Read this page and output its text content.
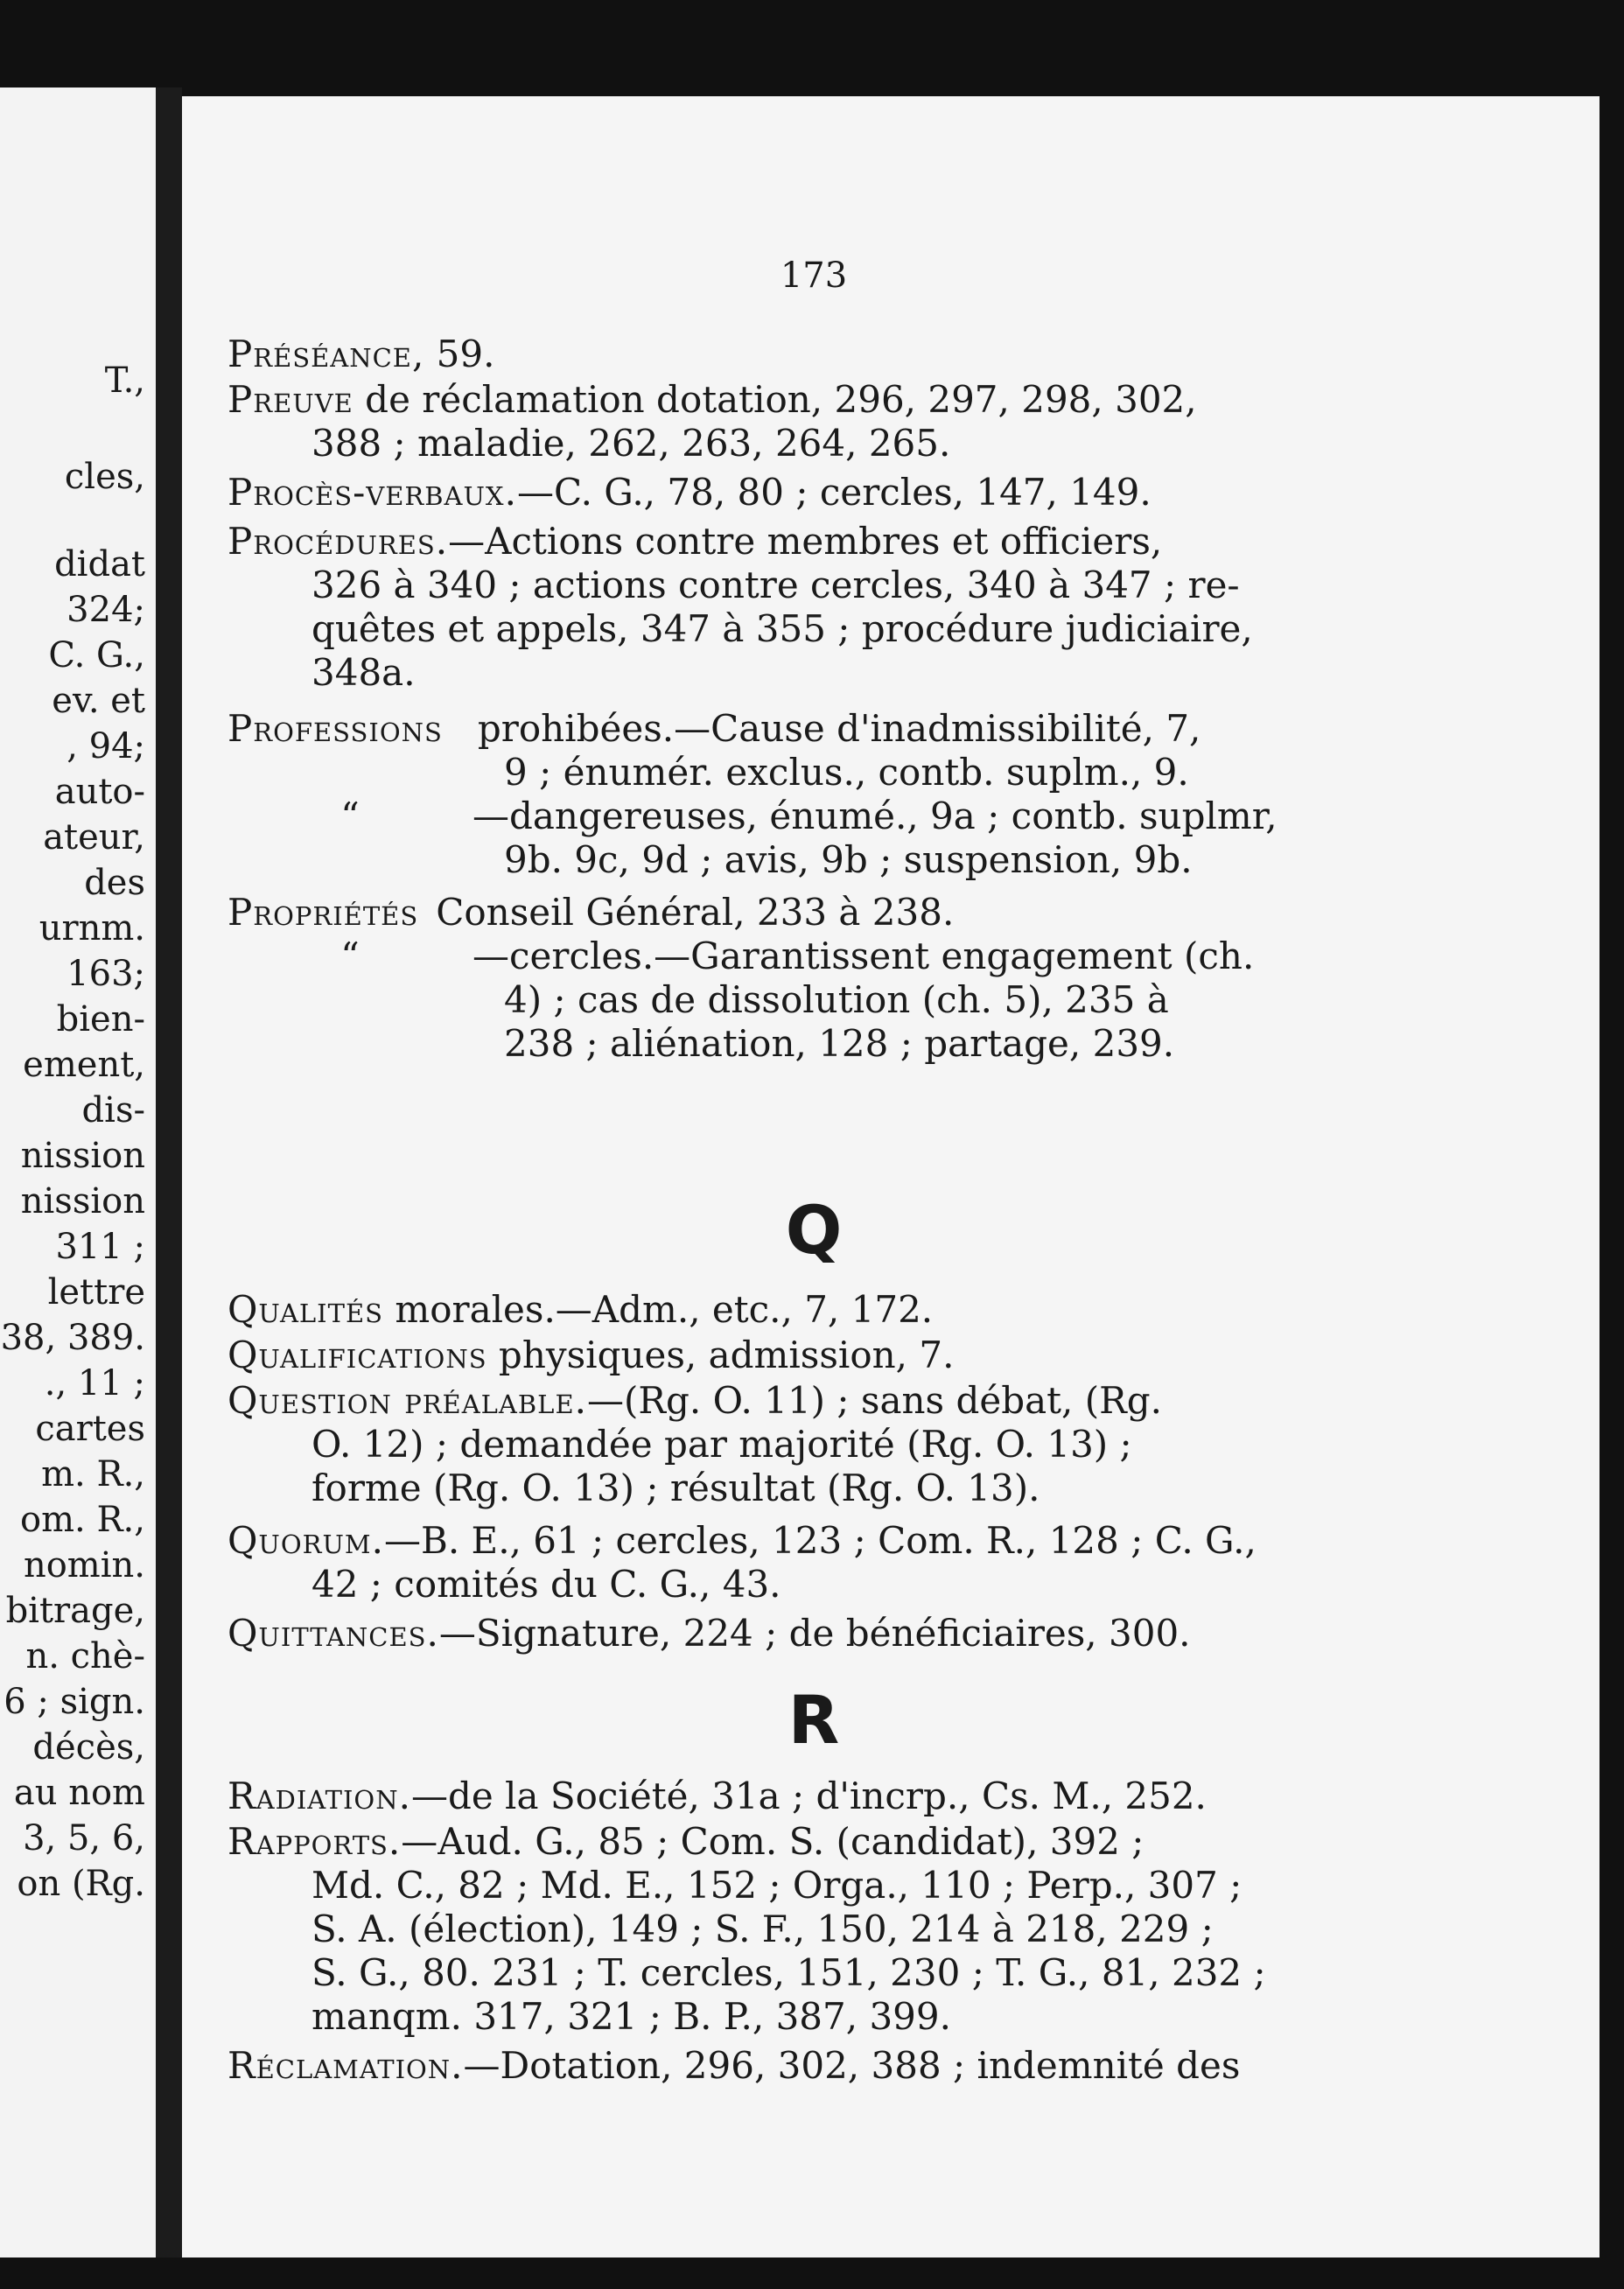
T.,
cles,
didat
324;
C. G.,
ev. et
, 94;
auto-
ateur,
des
urnm.
163;
bien-
ement,
dis-
nission
nission
311 ;
lettre
38, 389.
., 11 ;
cartes
m. R.,
om. R.,
nomin.
bitrage,
n. chè-
6 ; sign.
décès,
au nom
3, 5, 6,
on (Rg.
173
Préséance, 59.
Preuve de réclamation dotation, 296, 297, 298, 302,
388 ; maladie, 262, 263, 264, 265.
Procès-verbaux.—C. G., 78, 80 ; cercles, 147, 149.
Procédures.—Actions contre membres et officiers,
326 à 340 ; actions contre cercles, 340 à 347 ; re-
quêtes et appels, 347 à 355 ; procédure judiciaire,
348a.
Professions prohibées.—Cause d'inadmissibilité, 7,
9 ; énumér. exclus., contb. suplm., 9.
“	—dangereuses, énumé., 9a ; contb. suplmr,
9b. 9c, 9d ; avis, 9b ; suspension, 9b.
Propriétés Conseil Général, 233 à 238.
“	—cercles.—Garantissent engagement (ch.
4) ; cas de dissolution (ch. 5), 235 à
238 ; aliénation, 128 ; partage, 239.
Q
Qualités morales.—Adm., etc., 7, 172.
Qualifications physiques, admission, 7.
Question préalable.—(Rg. O. 11) ; sans débat, (Rg.
O. 12) ; demandée par majorité (Rg. O. 13) ;
forme (Rg. O. 13) ; résultat (Rg. O. 13).
Quorum.—B. E., 61 ; cercles, 123 ; Com. R., 128 ; C. G.,
42 ; comités du C. G., 43.
Quittances.—Signature, 224 ; de bénéficiaires, 300.
R
Radiation.—de la Société, 31a ; d'incrp., Cs. M., 252.
Rapports.—Aud. G., 85 ; Com. S. (candidat), 392 ;
Md. C., 82 ; Md. E., 152 ; Orga., 110 ; Perp., 307 ;
S. A. (élection), 149 ; S. F., 150, 214 à 218, 229 ;
S. G., 80. 231 ; T. cercles, 151, 230 ; T. G., 81, 232 ;
manqm. 317, 321 ; B. P., 387, 399.
Réclamation.—Dotation, 296, 302, 388 ; indemnité des
